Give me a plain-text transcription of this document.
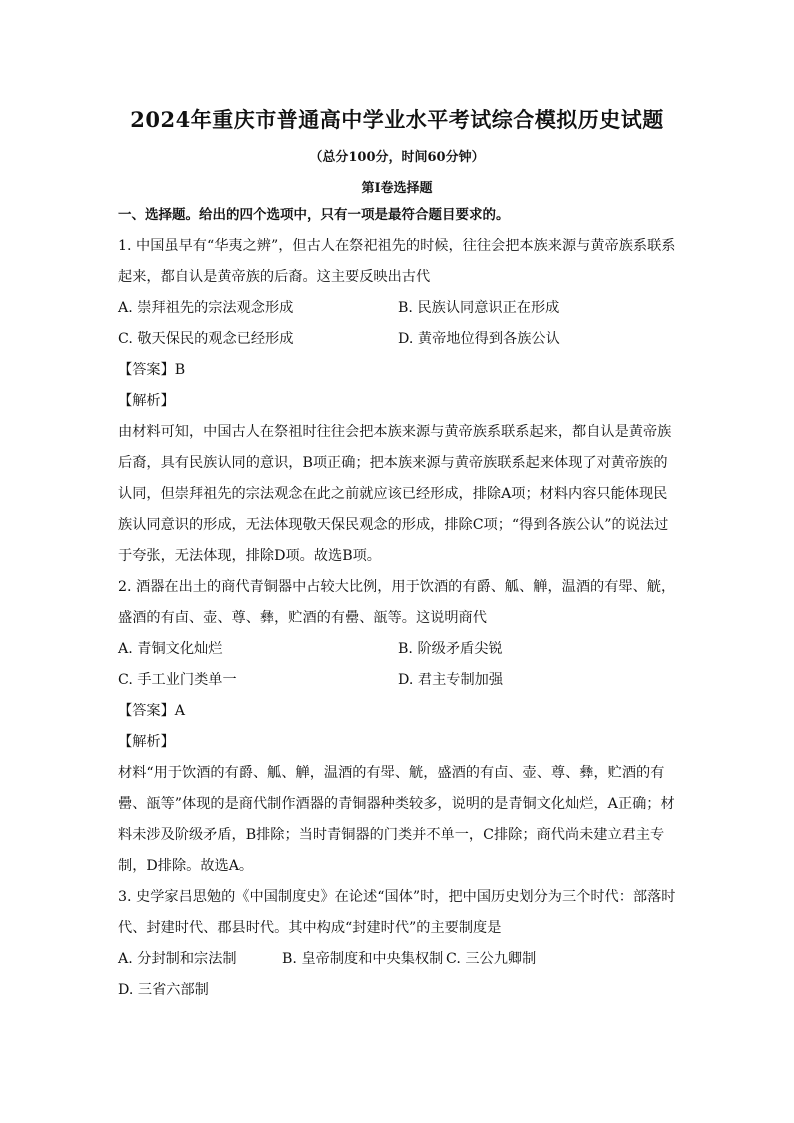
2024年重庆市普通高中学业水平考试综合模拟历史试题
（总分100分，时间60分钟）
第I卷选择题

一、选择题。给出的四个选项中，只有一项是最符合题目要求的。

1. 中国虽早有“华夷之辨”，但古人在祭祀祖先的时候，往往会把本族来源与黄帝族系联系起来，都自认是黄帝族的后裔。这主要反映出古代

A. 崇拜祖先的宗法观念形成	B. 民族认同意识正在形成
C. 敬天保民的观念已经形成	D. 黄帝地位得到各族公认

【答案】B

【解析】

由材料可知，中国古人在祭祖时往往会把本族来源与黄帝族系联系起来，都自认是黄帝族后裔，具有民族认同的意识，B项正确；把本族来源与黄帝族联系起来体现了对黄帝族的认同，但崇拜祖先的宗法观念在此之前就应该已经形成，排除A项；材料内容只能体现民族认同意识的形成，无法体现敬天保民观念的形成，排除C项；“得到各族公认”的说法过于夸张，无法体现，排除D项。故选B项。

2. 酒器在出土的商代青铜器中占较大比例，用于饮酒的有爵、觚、觯，温酒的有斝、觥，盛酒的有卣、壶、尊、彝，贮酒的有罍、瓿等。这说明商代

A. 青铜文化灿烂	B. 阶级矛盾尖锐
C. 手工业门类单一	D. 君主专制加强

【答案】A

【解析】

材料“用于饮酒的有爵、觚、觯，温酒的有斝、觥，盛酒的有卣、壶、尊、彝，贮酒的有罍、瓿等”体现的是商代制作酒器的青铜器种类较多，说明的是青铜文化灿烂，A正确；材料未涉及阶级矛盾，B排除；当时青铜器的门类并不单一，C排除；商代尚未建立君主专制，D排除。故选A。

3. 史学家吕思勉的《中国制度史》在论述“国体”时，把中国历史划分为三个时代：部落时代、封建时代、郡县时代。其中构成“封建时代”的主要制度是

A. 分封制和宗法制	B. 皇帝制度和中央集权制 C. 三公九卿制
D. 三省六部制
